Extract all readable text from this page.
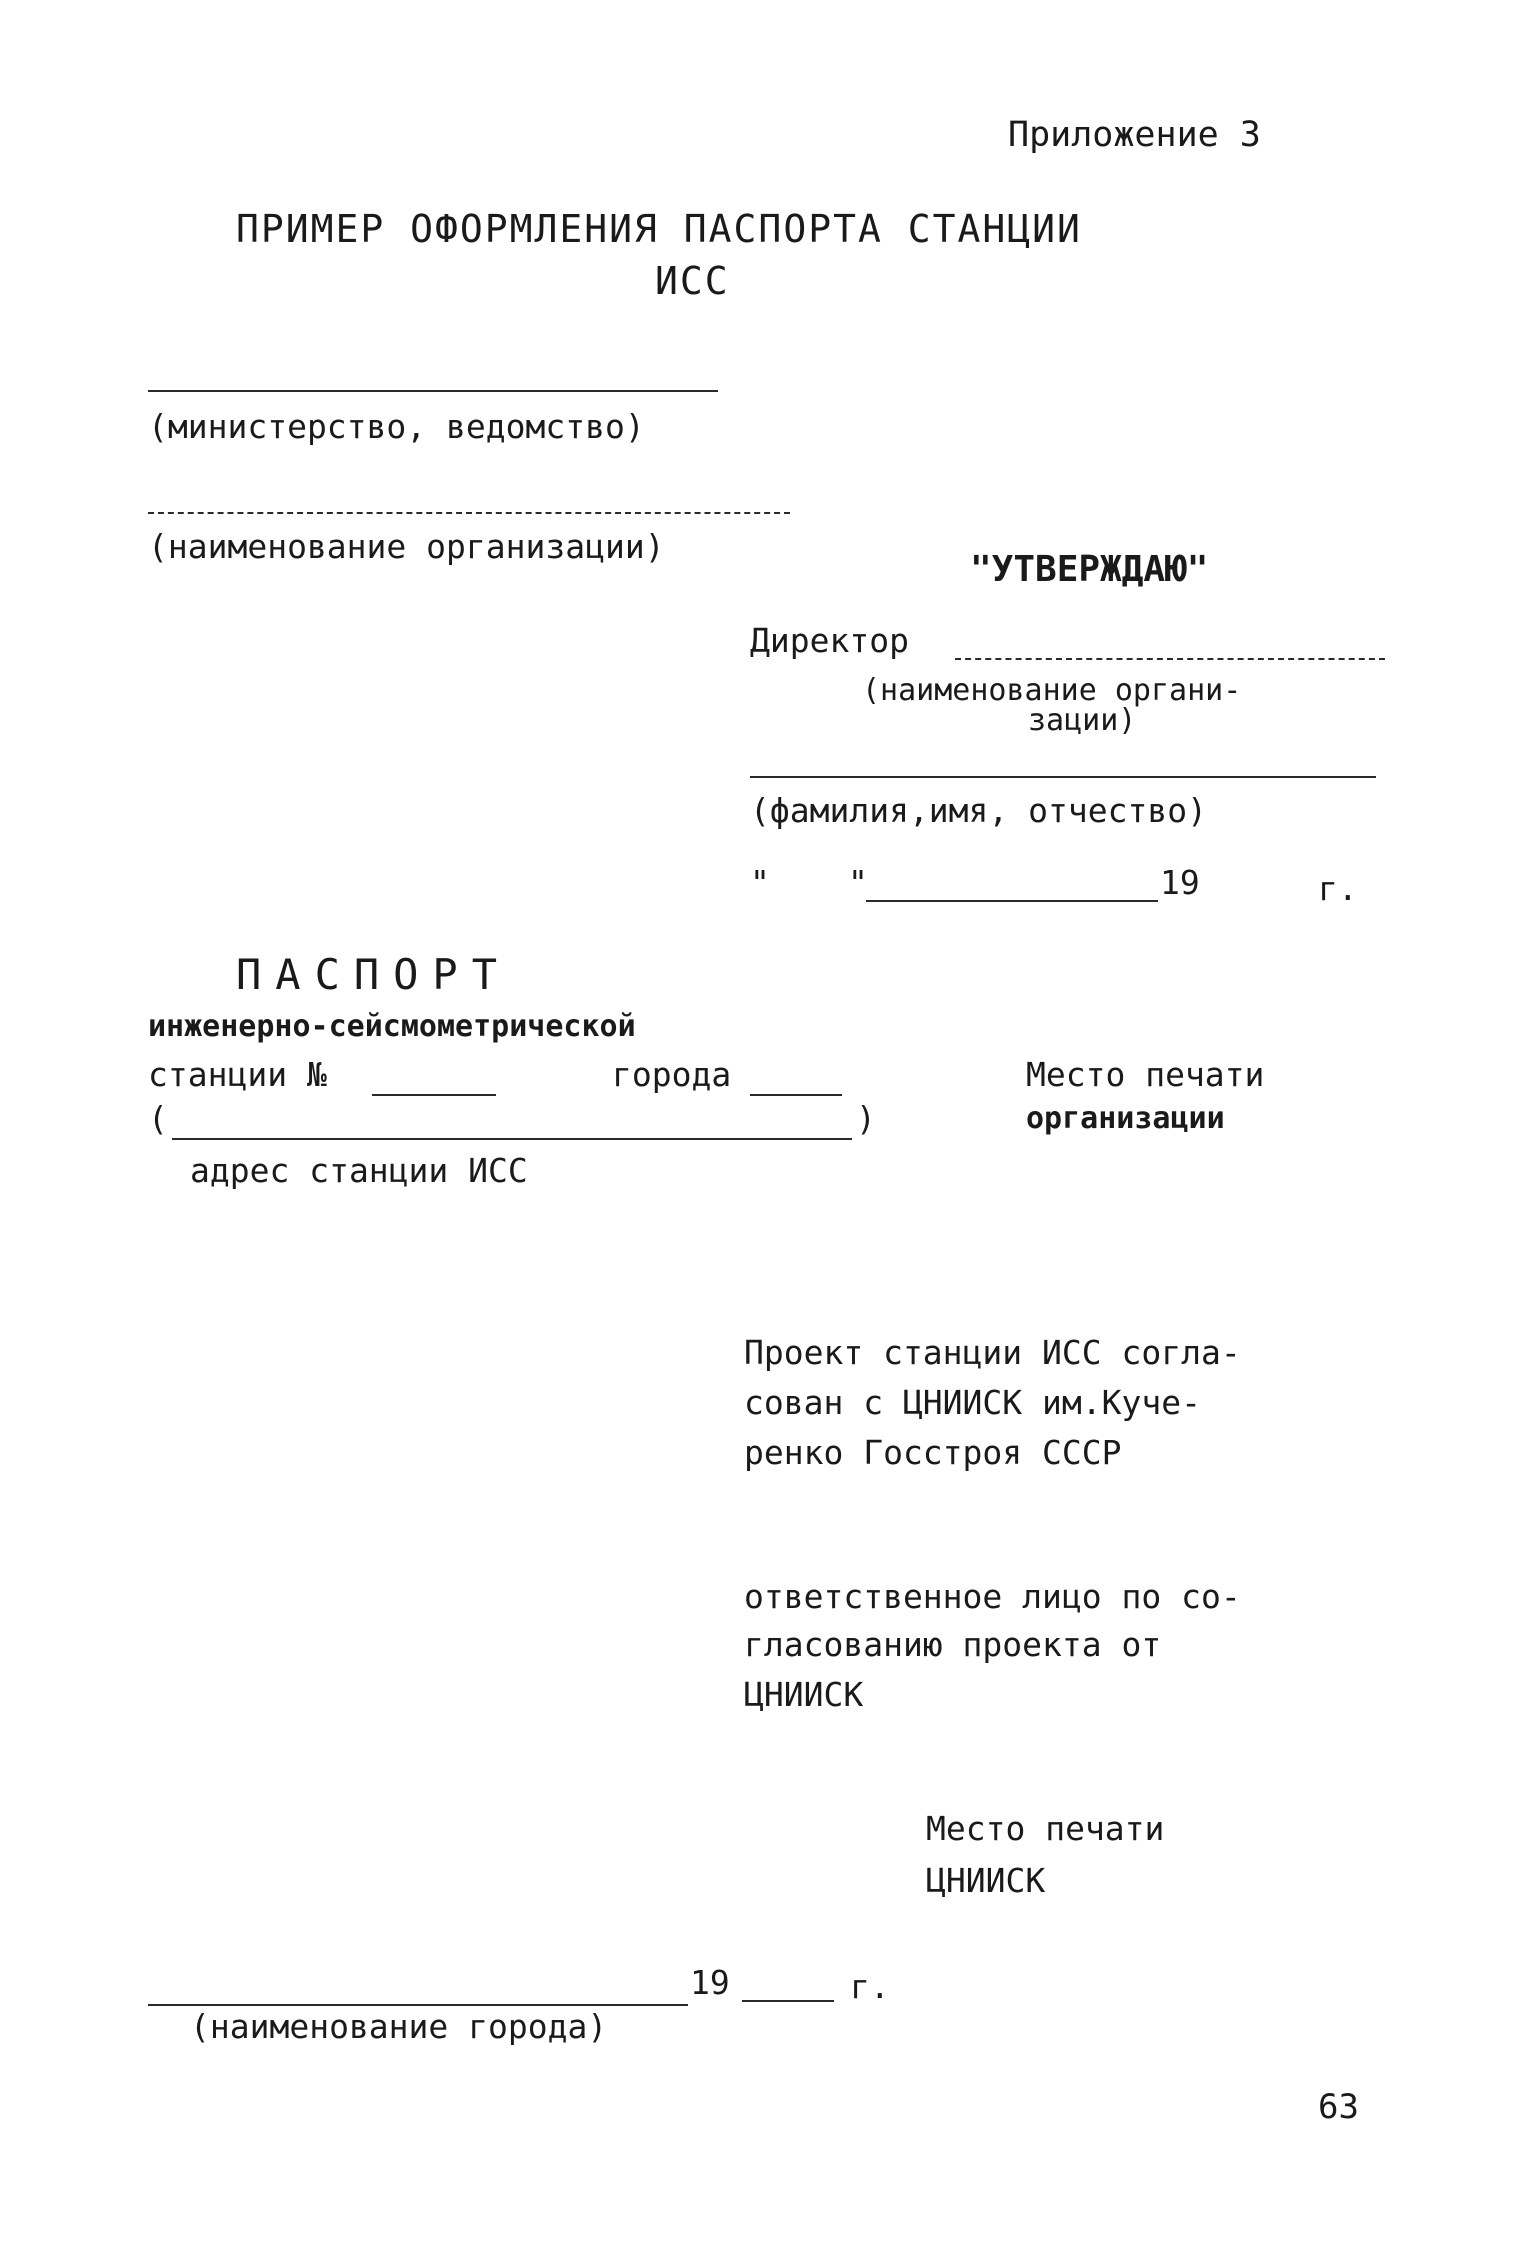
Приложение 3
ПРИМЕР ОФОРМЛЕНИЯ ПАСПОРТА СТАНЦИИ
ИСС
(министерство, ведомство)
(наименование организации)
"УТВЕРЖДАЮ"
Директор
(наименование органи-
зации)
(фамилия,имя, отчество)
" "	19	г.
ПАСПОРТ
инженерно-сейсмометрической
станции №	города
(	)
адрес станции ИСС
Место печати
организации
Проект станции ИСС согла-
сован с ЦНИИСК им.Куче-
ренко Госстроя СССР
ответственное лицо по со-
гласованию проекта от
ЦНИИСК
Место печати
ЦНИИСК
19	г.
(наименование города)
63
